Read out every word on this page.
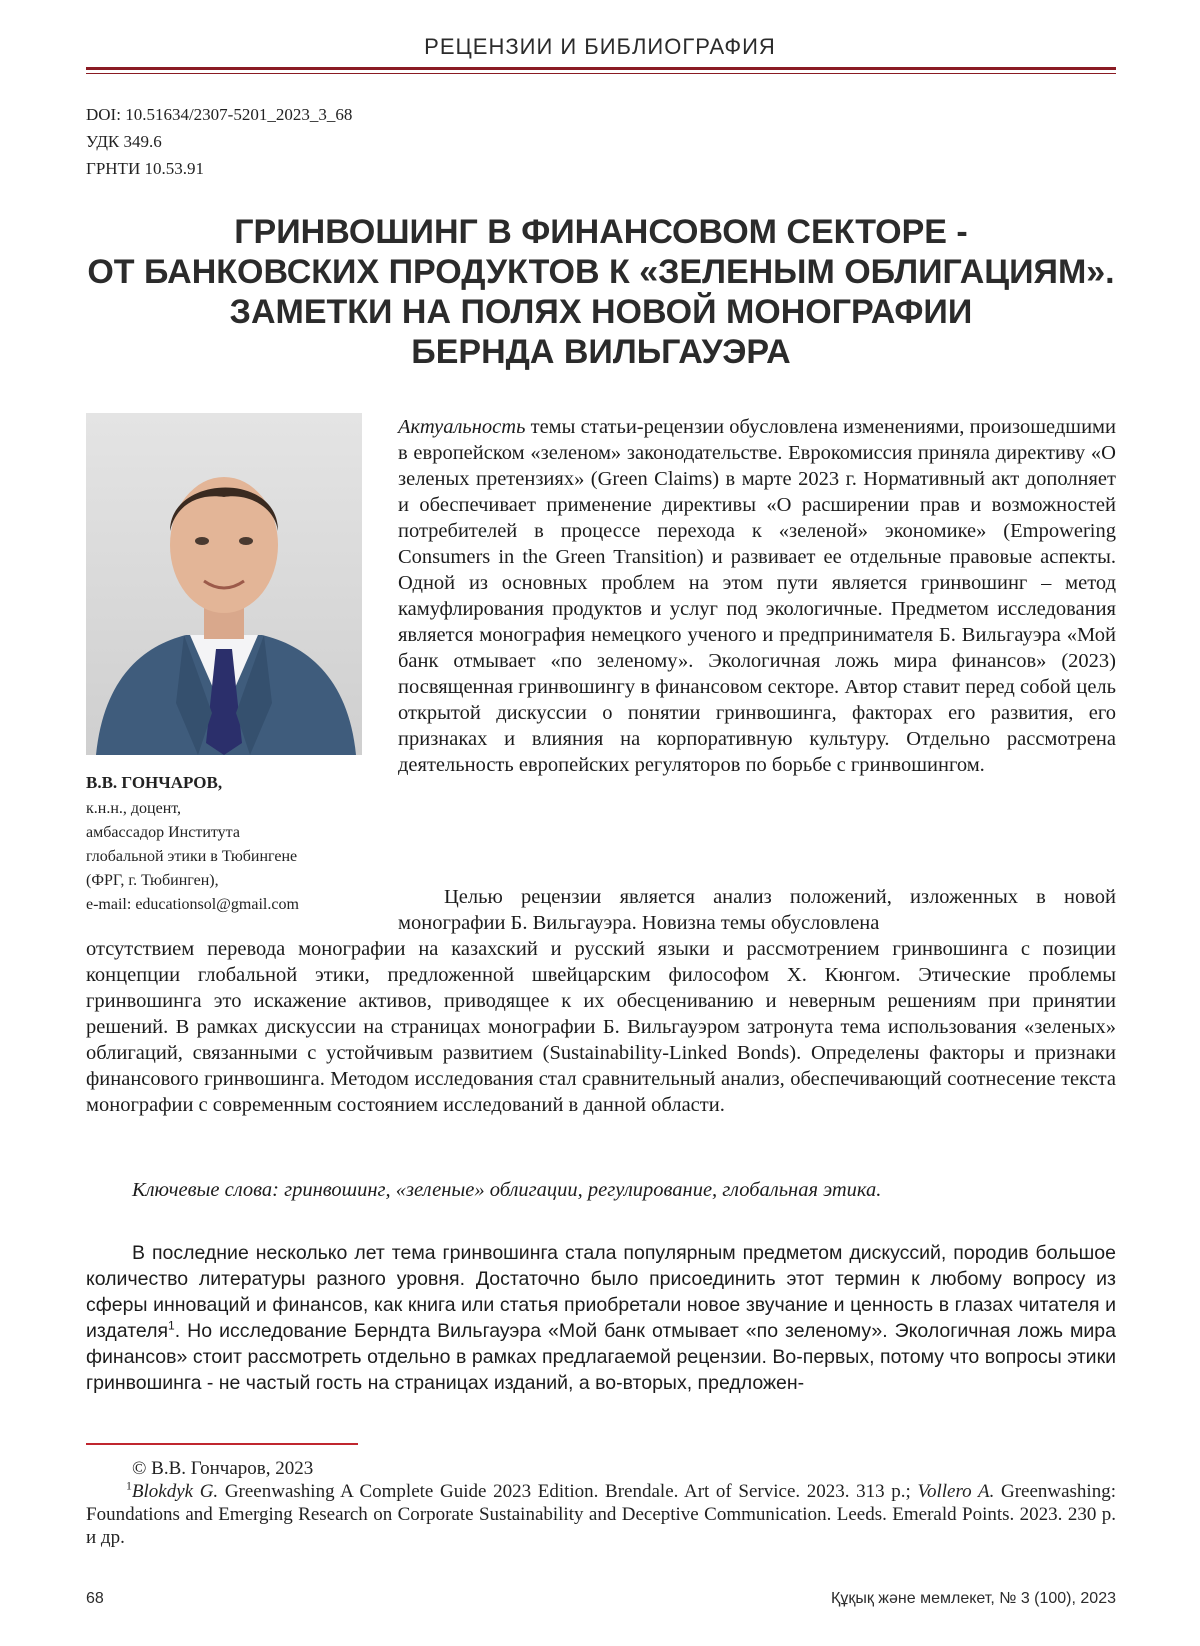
РЕЦЕНЗИИ И БИБЛИОГРАФИЯ
DOI: 10.51634/2307-5201_2023_3_68
УДК 349.6
ГРНТИ 10.53.91
ГРИНВОШИНГ В ФИНАНСОВОМ СЕКТОРЕ -
ОТ БАНКОВСКИХ ПРОДУКТОВ К «ЗЕЛЕНЫМ ОБЛИГАЦИЯМ».
ЗАМЕТКИ НА ПОЛЯХ НОВОЙ МОНОГРАФИИ
БЕРНДА ВИЛЬГАУЭРА
В.В. ГОНЧАРОВ,
к.н.н., доцент,
амбассадор Института
глобальной этики в Тюбингене
(ФРГ, г. Тюбинген),
e-mail: educationsol@gmail.com

Актуальность темы статьи-рецензии обусловлена изменениями, произошедшими в европейском «зеленом» законодательстве. Еврокомиссия приняла директиву «О зеленых претензиях» (Green Claims) в марте 2023 г. Нормативный акт дополняет и обеспечивает применение директивы «О расширении прав и возможностей потребителей в процессе перехода к «зеленой» экономике» (Empowering Consumers in the Green Transition) и развивает ее отдельные правовые аспекты. Одной из основных проблем на этом пути является гринвошинг – метод камуфлирования продуктов и услуг под экологичные. Предметом исследования является монография немецкого ученого и предпринимателя Б. Вильгауэра «Мой банк отмывает «по зеленому». Экологичная ложь мира финансов» (2023) посвященная гринвошингу в финансовом секторе. Автор ставит перед собой цель открытой дискуссии о понятии гринвошинга, факторах его развития, его признаках и влияния на корпоративную культуру. Отдельно рассмотрена деятельность европейских регуляторов по борьбе с гринвошингом.

Целью рецензии является анализ положений, изложенных в новой монографии Б. Вильгауэра. Новизна темы обусловлена

отсутствием перевода монографии на казахский и русский языки и рассмотрением гринвошинга с позиции концепции глобальной этики, предложенной швейцарским философом Х. Кюнгом. Этические проблемы гринвошинга это искажение активов, приводящее к их обесцениванию и неверным решениям при принятии решений. В рамках дискуссии на страницах монографии Б. Вильгауэром затронута тема использования «зеленых» облигаций, связанными с устойчивым развитием (Sustainability-Linked Bonds). Определены факторы и признаки финансового гринвошинга. Методом исследования стал сравнительный анализ, обеспечивающий соотнесение текста монографии с современным состоянием исследований в данной области.

Ключевые слова: гринвошинг, «зеленые» облигации, регулирование, глобальная этика.

В последние несколько лет тема гринвошинга стала популярным предметом дискуссий, породив большое количество литературы разного уровня. Достаточно было присоединить этот термин к любому вопросу из сферы инноваций и финансов, как книга или статья приобретали новое звучание и ценность в глазах читателя и издателя$^1$. Но исследование Берндта Вильгауэра «Мой банк отмывает «по зеленому». Экологичная ложь мира финансов» стоит рассмотреть отдельно в рамках предлагаемой рецензии. Во-первых, потому что вопросы этики гринвошинга - не частый гость на страницах изданий, а во-вторых, предложен-

© В.В. Гончаров, 2023
$^1$Blokdyk G. Greenwashing A Complete Guide 2023 Edition. Brendale. Art of Service. 2023. 313 p.; Vollero A. Greenwashing: Foundations and Emerging Research on Corporate Sustainability and Deceptive Communication. Leeds. Emerald Points. 2023. 230 p. и др.
68	Құқық және мемлекет, № 3 (100), 2023
